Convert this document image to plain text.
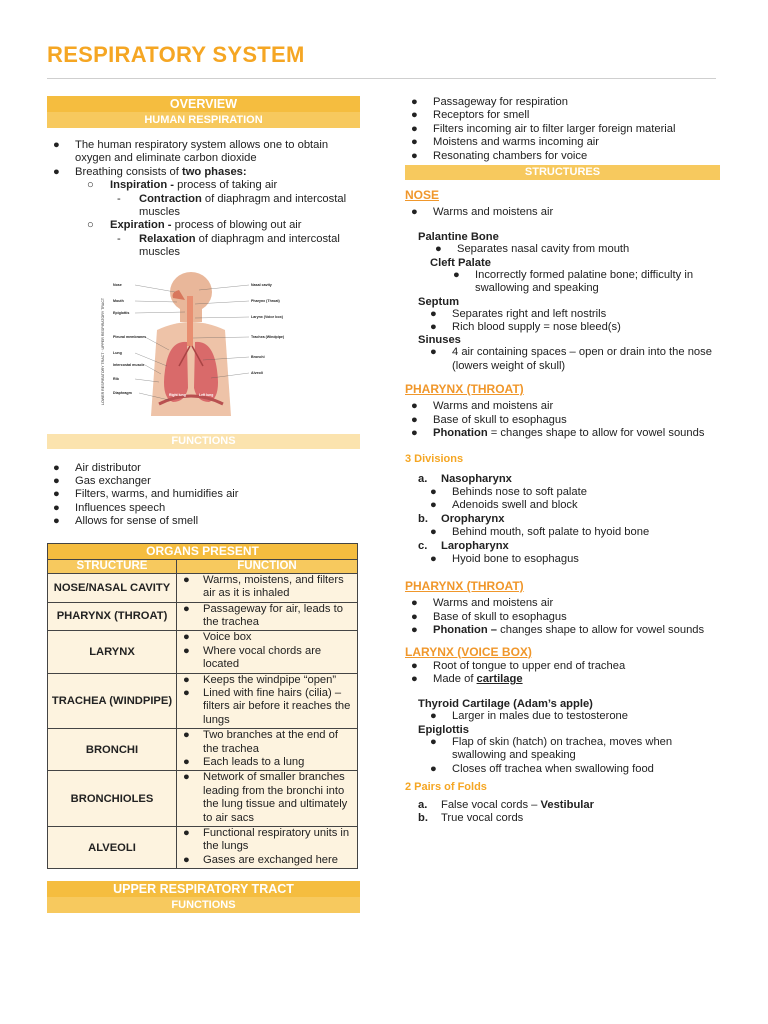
RESPIRATORY SYSTEM
OVERVIEW
HUMAN RESPIRATION
● The human respiratory system allows one to obtain oxygen and eliminate carbon dioxide
● Breathing consists of two phases:
○ Inspiration - process of taking air
- Contraction of diaphragm and intercostal muscles
○ Expiration - process of blowing out air
- Relaxation of diaphragm and intercostal muscles
LOWER RESPIRATORY TRACT · UPPER RESPIRATORY TRACT
Nose
Mouth
Epiglottis
Pleural membranes
Lung
Intercostal muscle
Rib
Diaphragm
Nasal cavity
Pharynx (Throat)
Larynx (Voice box)
Trachea (Windpipe)
Bronchi
Alveoli
Right lung	Left lung
FUNCTIONS
● Air distributor
● Gas exchanger
● Filters, warms, and humidifies air
● Influences speech
● Allows for sense of smell
ORGANS PRESENT	
STRUCTURE	FUNCTION
NOSE/NASAL CAVITY	● Warms, moistens, and filters air as it is inhaled

PHARYNX (THROAT)	● Passageway for air, leads to the trachea

LARYNX	● Voice box
● Where vocal chords are located

TRACHEA (WINDPIPE)	● Keeps the windpipe “open”
● Lined with fine hairs (cilia) – filters air before it reaches the lungs

BRONCHI	● Two branches at the end of the trachea
● Each leads to a lung

BRONCHIOLES	● Network of smaller branches leading from the bronchi into the lung tissue and ultimately to air sacs

ALVEOLI	● Functional respiratory units in the lungs
● Gases are exchanged here
UPPER RESPIRATORY TRACT
FUNCTIONS
● Passageway for respiration
● Receptors for smell
● Filters incoming air to filter larger foreign material
● Moistens and warms incoming air
● Resonating chambers for voice
STRUCTURES
NOSE
● Warms and moistens air
Palantine Bone
● Separates nasal cavity from mouth
Cleft Palate
● Incorrectly formed palatine bone; difficulty in swallowing and speaking
Septum
● Separates right and left nostrils
● Rich blood supply = nose bleed(s)
Sinuses
● 4 air containing spaces – open or drain into the nose (lowers weight of skull)
PHARYNX (THROAT)
● Warms and moistens air
● Base of skull to esophagus
● Phonation = changes shape to allow for vowel sounds
3 Divisions
a. Nasopharynx
● Behinds nose to soft palate
● Adenoids swell and block
b. Oropharynx
● Behind mouth, soft palate to hyoid bone
c. Laropharynx
● Hyoid bone to esophagus
PHARYNX (THROAT)
● Warms and moistens air
● Base of skull to esophagus
● Phonation – changes shape to allow for vowel sounds
LARYNX (VOICE BOX)
● Root of tongue to upper end of trachea
● Made of cartilage
Thyroid Cartilage (Adam’s apple)
● Larger in males due to testosterone
Epiglottis
● Flap of skin (hatch) on trachea, moves when swallowing and speaking
● Closes off trachea when swallowing food
2 Pairs of Folds
a. False vocal cords – Vestibular
b. True vocal cords
